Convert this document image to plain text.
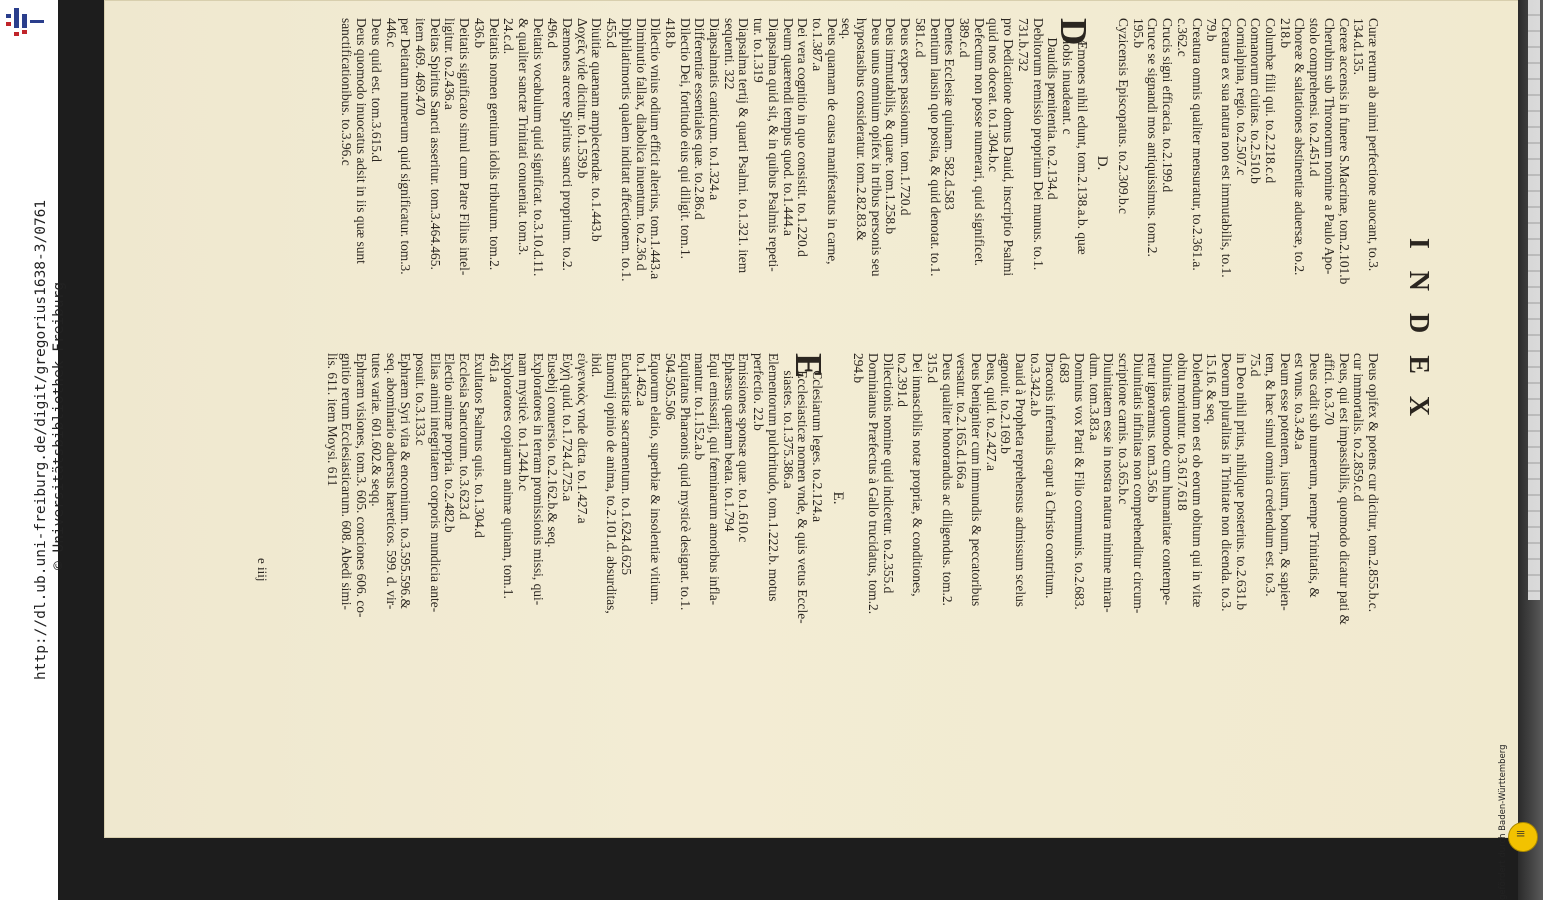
http://dl.ub.uni-freiburg.de/digit/gregorius1638-3/0761 © Universitätsbibliothek Freiburg	INDEX

Curæ rerum ab animi perfectione auocant, to.3.

134.d.135.

Cereæ accensis in funere S.Macrinæ, tom.2.101.b

Cherubim sub Thronorum nomine a Paulo Apo-

stolo comprehensi. to.2.451.d

Choreæ & saltationes abstinentiæ aduersæ, to.2.

218.b

Columbæ filii qui. to.2.218.c.d

Comanorum ciuitas. to.2.510.b

Cornialpina, regio. to.2.507.c

Creatura ex sua natura non est immutabilis, to.1.

79.b

Creatura omnis qualiter mensuratur, to.2.361.a.

c.362.c

Crucis signi efficacia. to.2.199.d

Cruce se signandi mos antiquissimus. tom.2.

195.b

Cyzicensis Episcopatus. to.2.309.b.c

D.

D
Æmones nihil edunt, tom.2.138.a.b. quæ

nobis inuadeant. c

Dauidis pœnitentia. to.2.134.d

Debitorum remissio proprium Dei munus. to.1.

731.b.732

pro Dedicatione domus Dauid, inscriptio Psalmi

quid nos doceat. to.1.304.b.c

Defectum non posse numerari, quid significet.

389.c.d

Dentes Ecclesiæ quinam. 582.d.583

Dentium lausin quo posita, & quid denotat. to.1.

581.c.d

Deus expers passionum. tom.1.720.d

Deus immutabilis, & quare. tom.1.258.b

Deus unus omnium opifex in tribus personis seu

hypostasibus consideratur. tom.2.82.83.&

seq.

Deus quamam de causa manifestatus in carne,

to.1.387.a

Dei vera cognitio in quo consistit. to.1.220.d

Deum quærendi tempus quod. to.1.444.a

Diapsalma quid sit, & in quibus Psalmis repeti-

tur. to.1.319

Diapsalma tertij & quarti Psalmi. to.1.321. item

sequenti. 322

Diapsalmatis canticum. to.1.324.a

Differentiæ essentiales quæ. to.2.86.d

Dilectio Dei, fortitudo eius qui diligit. tom.1.

418.b

Dilectio vnius odium efficit alterius, tom.1.443.a

Diminutio fallax, diabolica inuentum. to.2.36.d

Diphilatimortis qualem inditatt affectionem. to.1.

455.d

Diuitiæ quænam amplectendæ. to.1.443.b

Δοχεῖς vide dicitur. to.1.539.b

Dæmones arcere Spiritus sancti proprium. to.2.

496.d

Deitatis vocabulum quid significat. to.3.10.d.11.

& qualiter sanctæ Trinitati conueniat. tom.3.

24.c.d.

Deitatis nomen gentium idolis tributum. tom.2.

436.b

Deitatis significato simul cum Patre Filius intel-

ligitur. to.2.436.a

Deitas Spiritus Sancti asseritur. tom.3.464.465.

item 469. 469.470

per Deitatum numerum quid significatur. tom.3.

446.c

Deus quid est. tom.3.615.d

Deus quomodo inuocatus adsit in iis quæ sunt

sanctificationibus. to.3.96.c

Deus opifex & potens cur dicitur, tom.2.855.b.c.

cur immortalis. to.2.859.c.d

Deus, qui est impassibilis, quomodo dicatur pati &

affici. to.3.70

Deus cadit sub numerum, nempe Trinitatis, &

est vnus. to.3.49.a

Deum esse potentem, iustum, bonum, & sapien-

tem, & hæc simul omnia credendum est. to.3.

75.d

in Deo nihil prius, nihilque posterius. to.2.631.b

Deorum pluralitas in Trinitate non dicenda. to.3.

15.16. & seq.

Dolendum non est ob eorum obitum qui in vitæ

obitu moriuntur. to.3.617.618

Diuinitas quomodo cum humanitate contempe-

retur ignoramus. tom.3.56.b

Diuinitatis infinitas non comprehenditur circum-

scriptione carnis. to.3.65.b.c

Diuinitatem esse in nostra natura minime miran-

dum. tom.3.83.a

Dominus vox Patri & Filio communis. to.2.683.

d.683

Draconis infernalis caput à Christo contritum.

to.3.342.a.b

Dauid à Propheta reprehensus admissum scelus

agnouit. to.2.169.b

Deus, quid. to.2.427.a

Deus benigniter cum immundis & peccatoribus

versatur. to.2.165.d.166.a

Deus qualiter honorandus ac diligendus. tom.2.

315.d

Dei innascibilis notæ propriæ, & conditiones,

to.2.391.d

Dilectionis nomine quid indicetur. to.2.355.d

Dominianus Præfectus à Gallo trucidatus, tom.2.

294.b

E.

E
Cclesiarum leges. to.2.124.a

Ecclesiasticæ nomen vnde, & quis vetus Eccle-

siastes. to.1.375.386.a

Elementorum pulchritudo, tom.1.222.b. motus

perfectio. 22.b

Emissiones sponsæ quæ. to.1.610.c

Ephæsus quænam beata. to.1.794

Equi emissarij, qui fœminarum amoribus infla-

mantur. to.1.152.a.b

Equitatus Pharaonis quid mysticè designat. to.1.

504.505.506

Equorum elatio, superbiæ & insolentiæ vitium.

to.1.462.a

Eucharistiæ sacramentum. to.1.624.d.625

Eunomij opinio de anima, to.2.101.d. absurditas,

ibid.

εὐγενικὸς vnde dicta. to.1.427.a

Εὐχὴ quid. to.1.724.d.725.a

Eusebij conuersio. to.2.162.b.& seq.

Exploratores in terram promissionis missi, qui-

nam mysticè. to.1.244.b.c

Exploratores copiarum animæ quinam, tom.1.

461.a

Exultatos Psalmus quis. to.1.304.d

Ecclesia Sanctorum. to.3.623.d

Electio animæ propria. to.2.482.b

Elias animi integritatem corporis mundicia ante-

posuit. to.3.133.c

Ephræm Syri vita & encomium. to.3.595.596.&

seq. abominario aduersus hæreticos. 599. d. vir-

tutes variæ. 601.602.& seqq.

Ephræm visiones, tom.3. 605. conciones 606. co-

gnitio rerum Ecclesiasticarum. 608. Abedi simi-

lis. 611. item Moysi. 611

e iiij
≡
gefördert durch Baden-Württemberg
